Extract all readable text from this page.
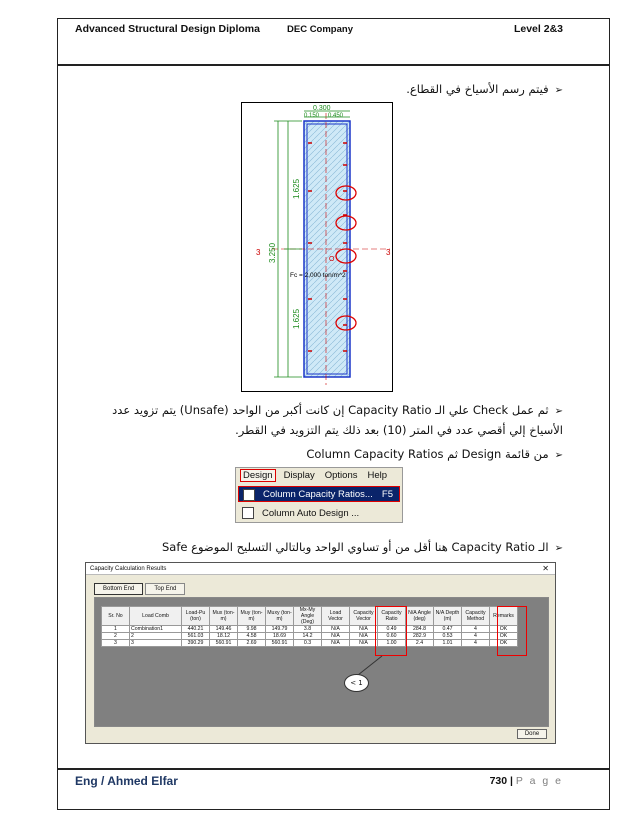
Advanced Structural Design Diploma	DEC Company	Level 2&3
➢فيتم رسم الأسياخ في القطاع.
0.300
0.150 0.450
1.625
3.250
1.625
3	3
O
Fc = 2,000 ton/m^2
➢ثم عمل Check علي الـ Capacity Ratio إن كانت أكبر من الواحد (Unsafe) يتم تزويد عدد
الأسياخ إلي أقصي عدد في المتر (10) بعد ذلك يتم التزويد في القطر.
➢من قائمة Design ثم Column Capacity Ratios
Design	Display Options Help
Column Capacity Ratios... F5
Column Auto Design ...
➢الـ Capacity Ratio هنا أقل من أو تساوي الواحد وبالتالي التسليح الموضوع Safe
Capacity Calculation Results	✕
Bottom End	Top End
Sr. No	Load Comb	Load-Pu (ton)	Mux (ton-m)	Muy (ton-m)	Muxy (ton-m)	Mx-My Angle (Deg)	Load Vector	Capacity Vector	Capacity Ratio	N/A Angle (deg)	N/A Depth (m)	Capacity Method	Remarks
1	Combination1	440.21	149.46	9.98	149.79	3.8	N/A	N/A	0.49	284.8	0.47	4	OK
2	2	561.03	18.12	4.58	18.69	14.2	N/A	N/A	0.60	282.9	0.53	4	OK
3	3	390.29	560.91	2.69	560.91	0.3	N/A	N/A	1.00	2.4	1.01	4	OK
Done
< 1
Eng / Ahmed Elfar	730 | P a g e
